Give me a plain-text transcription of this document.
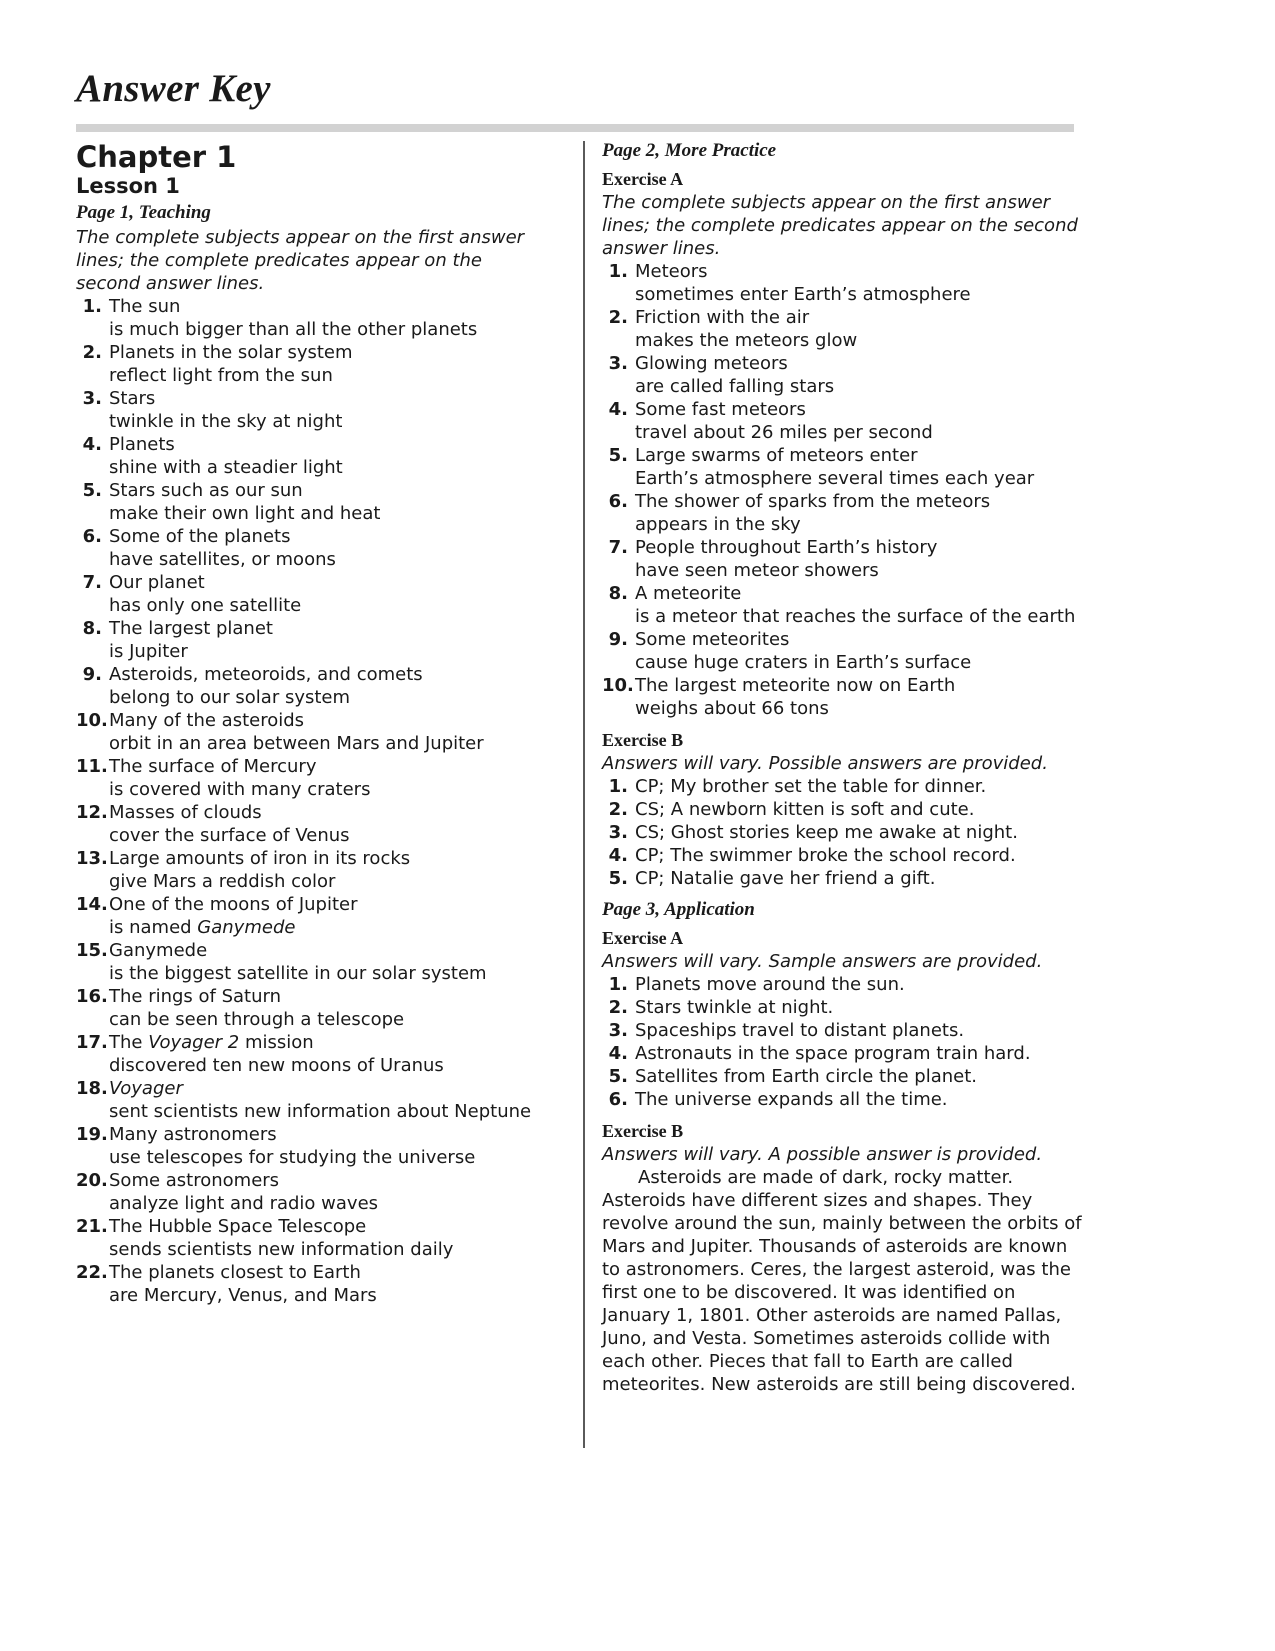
Answer Key
Chapter 1
Lesson 1
Page 1, Teaching

The complete subjects appear on the first answer lines; the complete predicates appear on the second answer lines.

1. The sun
is much bigger than all the other planets
2. Planets in the solar system
reflect light from the sun
3. Stars
twinkle in the sky at night
4. Planets
shine with a steadier light
5. Stars such as our sun
make their own light and heat
6. Some of the planets
have satellites, or moons
7. Our planet
has only one satellite
8. The largest planet
is Jupiter
9. Asteroids, meteoroids, and comets
belong to our solar system
10. Many of the asteroids
orbit in an area between Mars and Jupiter
11. The surface of Mercury
is covered with many craters
12. Masses of clouds
cover the surface of Venus
13. Large amounts of iron in its rocks
give Mars a reddish color
14. One of the moons of Jupiter
is named Ganymede
15. Ganymede
is the biggest satellite in our solar system
16. The rings of Saturn
can be seen through a telescope
17. The Voyager 2 mission
discovered ten new moons of Uranus
18. Voyager
sent scientists new information about Neptune
19. Many astronomers
use telescopes for studying the universe
20. Some astronomers
analyze light and radio waves
21. The Hubble Space Telescope
sends scientists new information daily
22. The planets closest to Earth
are Mercury, Venus, and Mars
Page 2, More Practice
Exercise A

The complete subjects appear on the first answer lines; the complete predicates appear on the second answer lines.

1. Meteors
sometimes enter Earth’s atmosphere
2. Friction with the air
makes the meteors glow
3. Glowing meteors
are called falling stars
4. Some fast meteors
travel about 26 miles per second
5. Large swarms of meteors enter
Earth’s atmosphere several times each year
6. The shower of sparks from the meteors
appears in the sky
7. People throughout Earth’s history
have seen meteor showers
8. A meteorite
is a meteor that reaches the surface of the earth
9. Some meteorites
cause huge craters in Earth’s surface
10. The largest meteorite now on Earth
weighs about 66 tons
Exercise B

Answers will vary. Possible answers are provided.

1. CP; My brother set the table for dinner.
2. CS; A newborn kitten is soft and cute.
3. CS; Ghost stories keep me awake at night.
4. CP; The swimmer broke the school record.
5. CP; Natalie gave her friend a gift.
Page 3, Application
Exercise A

Answers will vary. Sample answers are provided.

1. Planets move around the sun.
2. Stars twinkle at night.
3. Spaceships travel to distant planets.
4. Astronauts in the space program train hard.
5. Satellites from Earth circle the planet.
6. The universe expands all the time.
Exercise B

Answers will vary. A possible answer is provided.

Asteroids are made of dark, rocky matter. Asteroids have different sizes and shapes. They revolve around the sun, mainly between the orbits of Mars and Jupiter. Thousands of asteroids are known to astronomers. Ceres, the largest asteroid, was the first one to be discovered. It was identified on January 1, 1801. Other asteroids are named Pallas, Juno, and Vesta. Sometimes asteroids collide with each other. Pieces that fall to Earth are called meteorites. New asteroids are still being discovered.
